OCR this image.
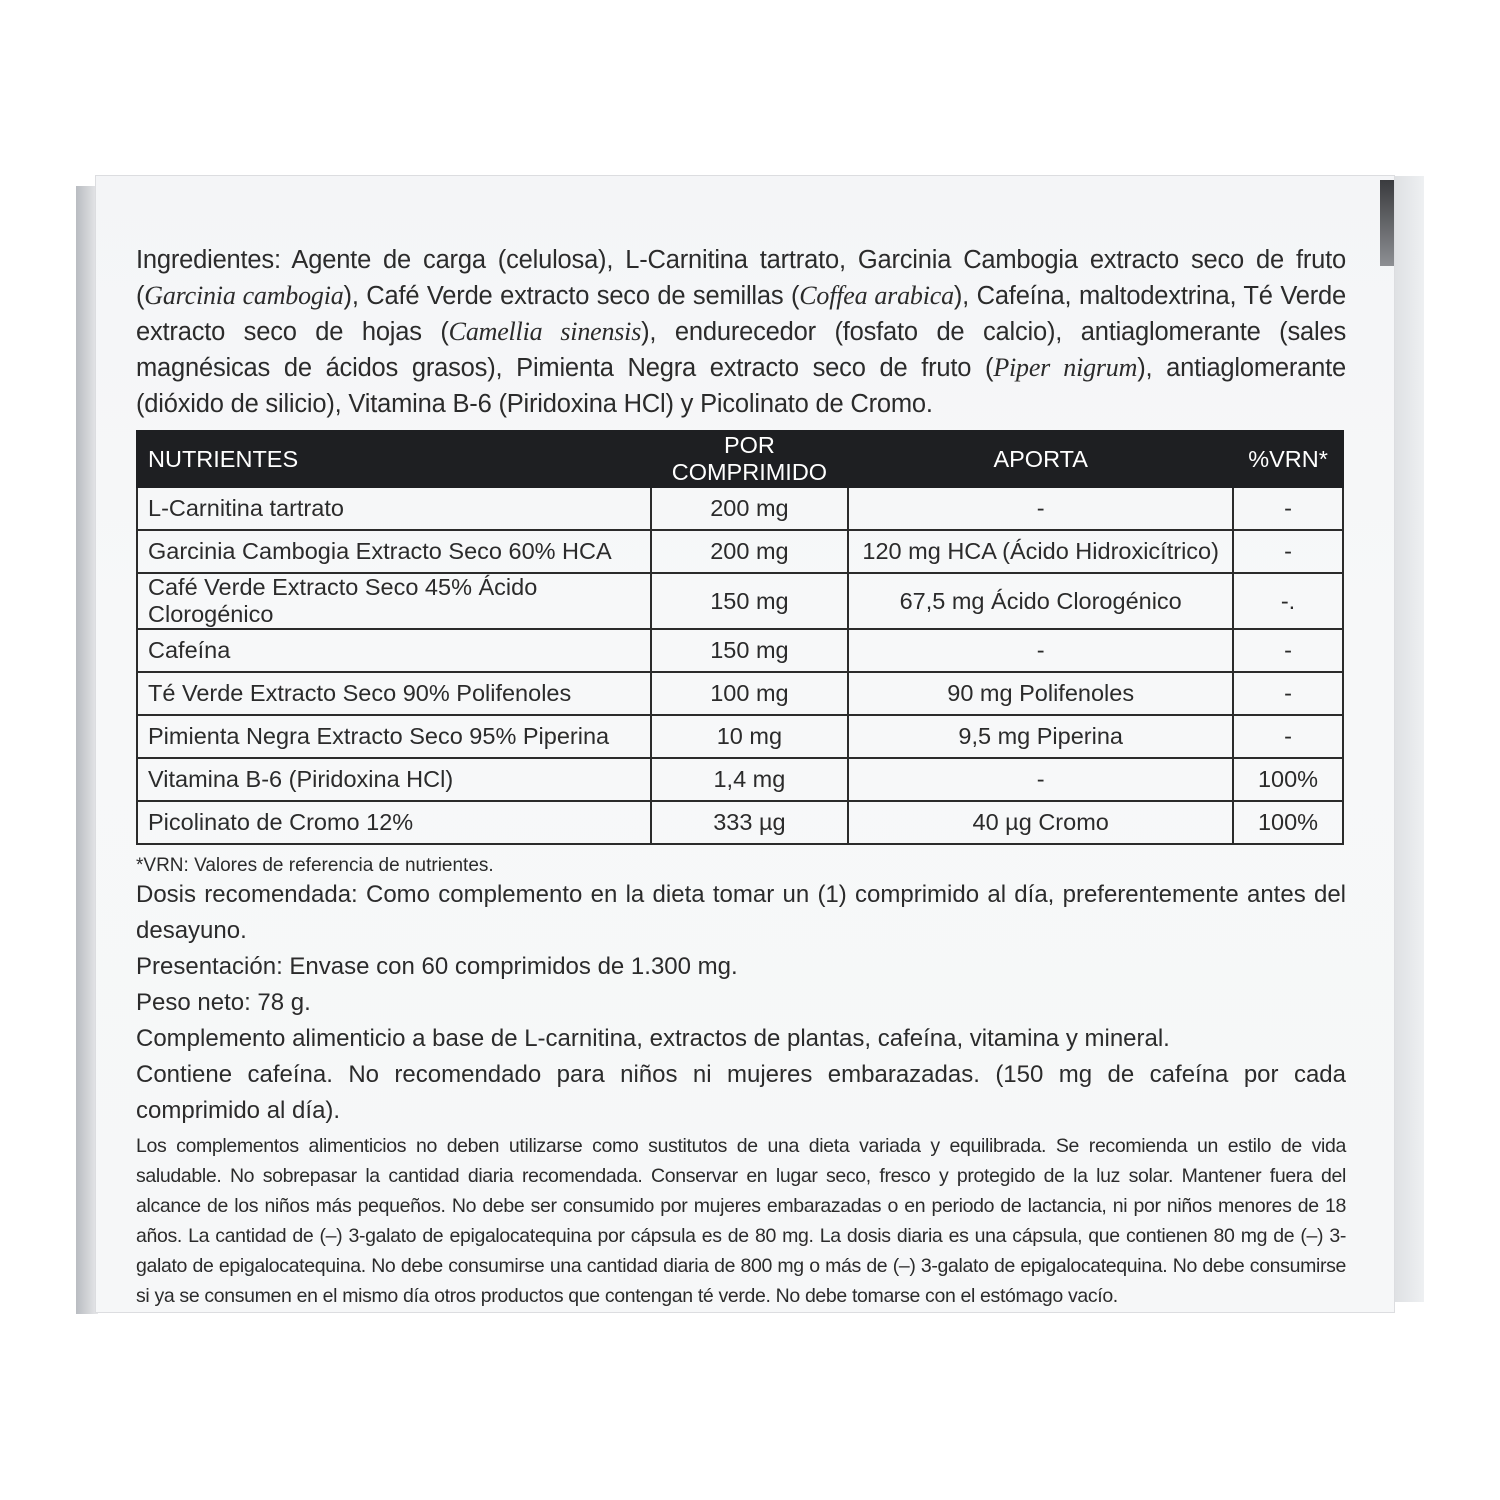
Ingredientes: Agente de carga (celulosa), L-Carnitina tartrato, Garcinia Cambogia extracto seco de fruto (Garcinia cambogia), Café Verde extracto seco de semillas (Coffea arabica), Cafeína, maltodextrina, Té Verde extracto seco de hojas (Camellia sinensis), endurecedor (fosfato de calcio), antiaglomerante (sales magnésicas de ácidos grasos), Pimienta Negra extracto seco de fruto (Piper nigrum), antiaglomerante (dióxido de silicio), Vitamina B-6 (Piridoxina HCl) y Picolinato de Cromo.
NUTRIENTES	POR COMPRIMIDO	APORTA	%VRN*
L-Carnitina tartrato	200 mg	-	-
Garcinia Cambogia Extracto Seco 60% HCA	200 mg	120 mg HCA (Ácido Hidroxicítrico)	-
Café Verde Extracto Seco 45% Ácido Clorogénico	150 mg	67,5 mg Ácido Clorogénico	-.
Cafeína	150 mg	-	-
Té Verde Extracto Seco 90% Polifenoles	100 mg	90 mg Polifenoles	-
Pimienta Negra Extracto Seco 95% Piperina	10 mg	9,5 mg Piperina	-
Vitamina B-6 (Piridoxina HCl)	1,4 mg	-	100%
Picolinato de Cromo 12%	333 µg	40 µg Cromo	100%
*VRN: Valores de referencia de nutrientes.

Dosis recomendada: Como complemento en la dieta tomar un (1) comprimido al día, preferentemente antes del desayuno.

Presentación: Envase con 60 comprimidos de 1.300 mg.

Peso neto: 78 g.

Complemento alimenticio a base de L-carnitina, extractos de plantas, cafeína, vitamina y mineral.

Contiene cafeína. No recomendado para niños ni mujeres embarazadas. (150 mg de cafeína por cada comprimido al día).

Los complementos alimenticios no deben utilizarse como sustitutos de una dieta variada y equilibrada. Se recomienda un estilo de vida saludable. No sobrepasar la cantidad diaria recomendada. Conservar en lugar seco, fresco y protegido de la luz solar. Mantener fuera del alcance de los niños más pequeños. No debe ser consumido por mujeres embarazadas o en periodo de lactancia, ni por niños menores de 18 años. La cantidad de (–) 3-galato de epigalocatequina por cápsula es de 80 mg. La dosis diaria es una cápsula, que contienen 80 mg de (–) 3-galato de epigalocatequina. No debe consumirse una cantidad diaria de 800 mg o más de (–) 3-galato de epigalocatequina. No debe consumirse si ya se consumen en el mismo día otros productos que contengan té verde. No debe tomarse con el estómago vacío.
